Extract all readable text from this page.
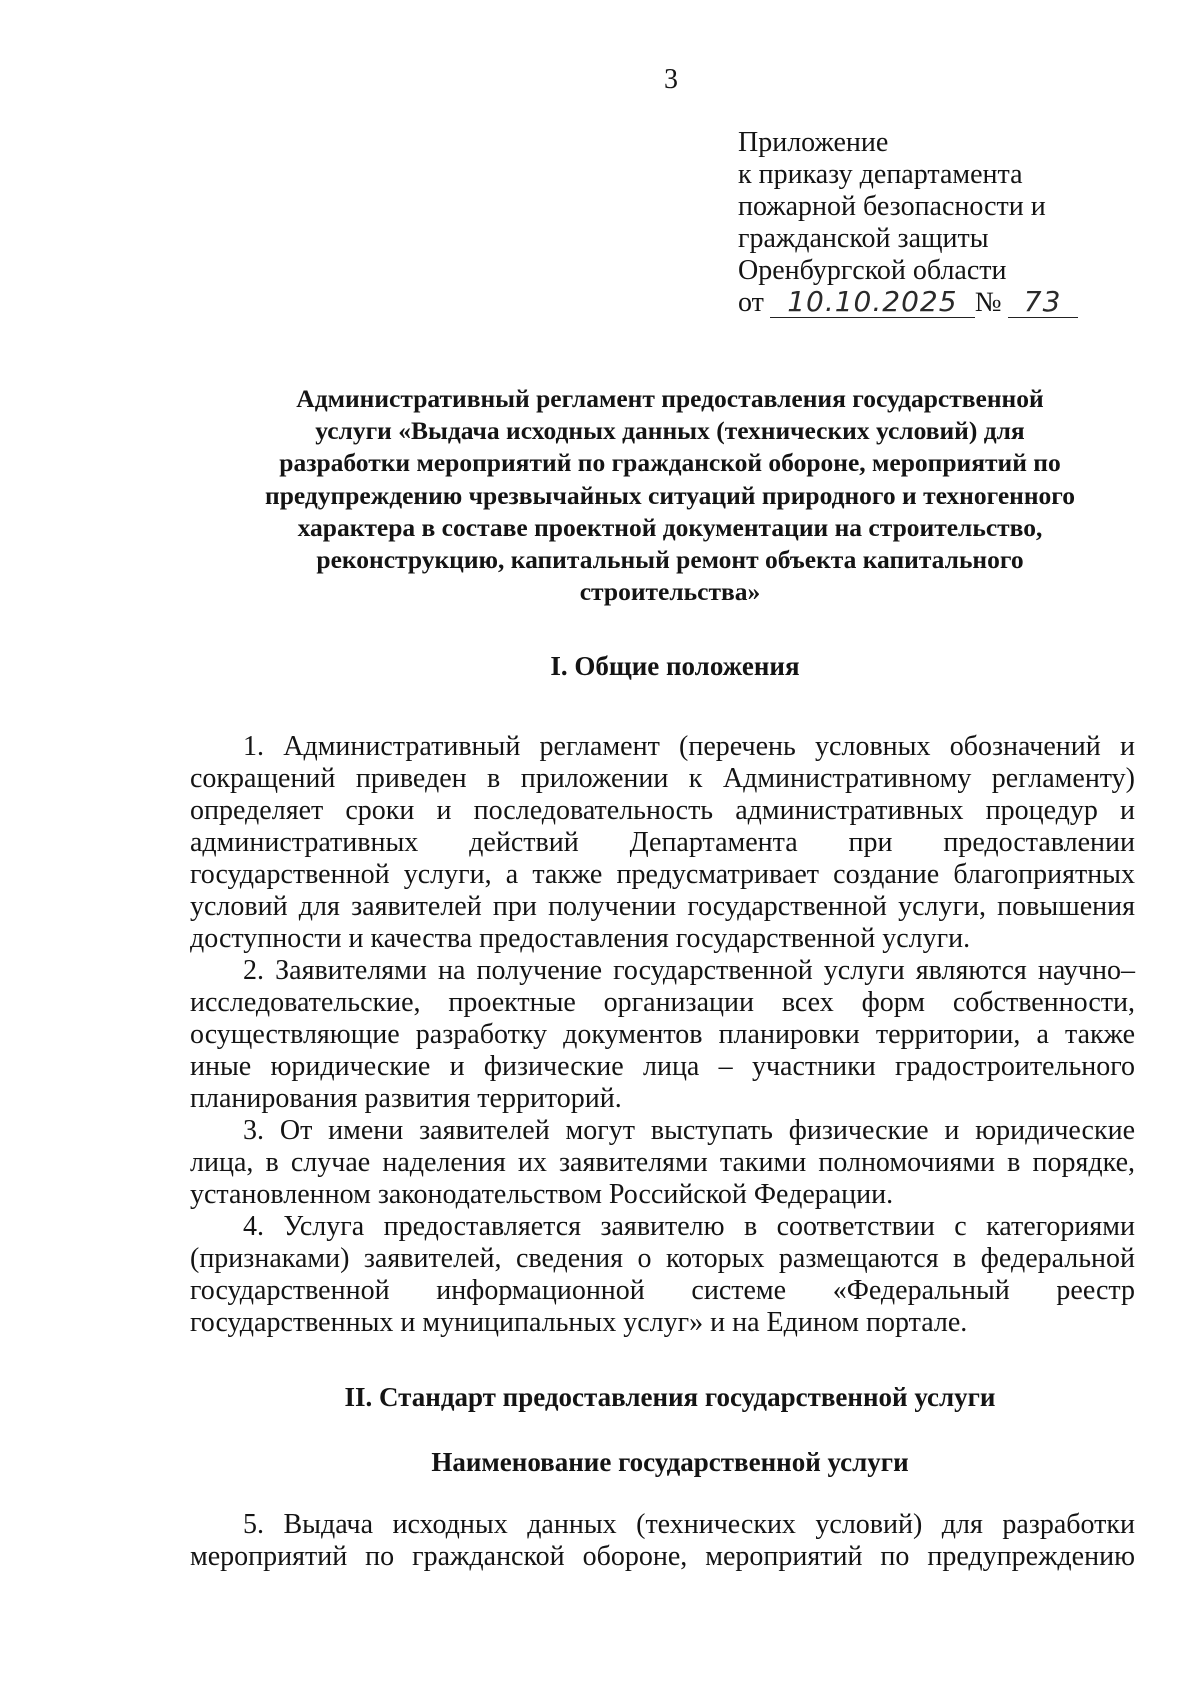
3
Приложение
к приказу департамента
пожарной безопасности и
гражданской защиты
Оренбургской области
от 10.10.2025 № 73
Административный регламент предоставления государственной
услуги «Выдача исходных данных (технических условий) для
разработки мероприятий по гражданской обороне, мероприятий по
предупреждению чрезвычайных ситуаций природного и техногенного
характера в составе проектной документации на строительство,
реконструкцию, капитальный ремонт объекта капитального
строительства»
I. Общие положения
1. Административный регламент (перечень условных обозначений и
сокращений приведен в приложении к Административному регламенту)
определяет сроки и последовательность административных процедур и
административных действий Департамента при предоставлении
государственной услуги, а также предусматривает создание благоприятных
условий для заявителей при получении государственной услуги, повышения
доступности и качества предоставления государственной услуги.
2. Заявителями на получение государственной услуги являются научно–
исследовательские, проектные организации всех форм собственности,
осуществляющие разработку документов планировки территории, а также
иные юридические и физические лица – участники градостроительного
планирования развития территорий.
3. От имени заявителей могут выступать физические и юридические
лица, в случае наделения их заявителями такими полномочиями в порядке,
установленном законодательством Российской Федерации.
4. Услуга предоставляется заявителю в соответствии с категориями
(признаками) заявителей, сведения о которых размещаются в федеральной
государственной информационной системе «Федеральный реестр
государственных и муниципальных услуг» и на Едином портале.
II. Стандарт предоставления государственной услуги
Наименование государственной услуги
5. Выдача исходных данных (технических условий) для разработки
мероприятий по гражданской обороне, мероприятий по предупреждению
